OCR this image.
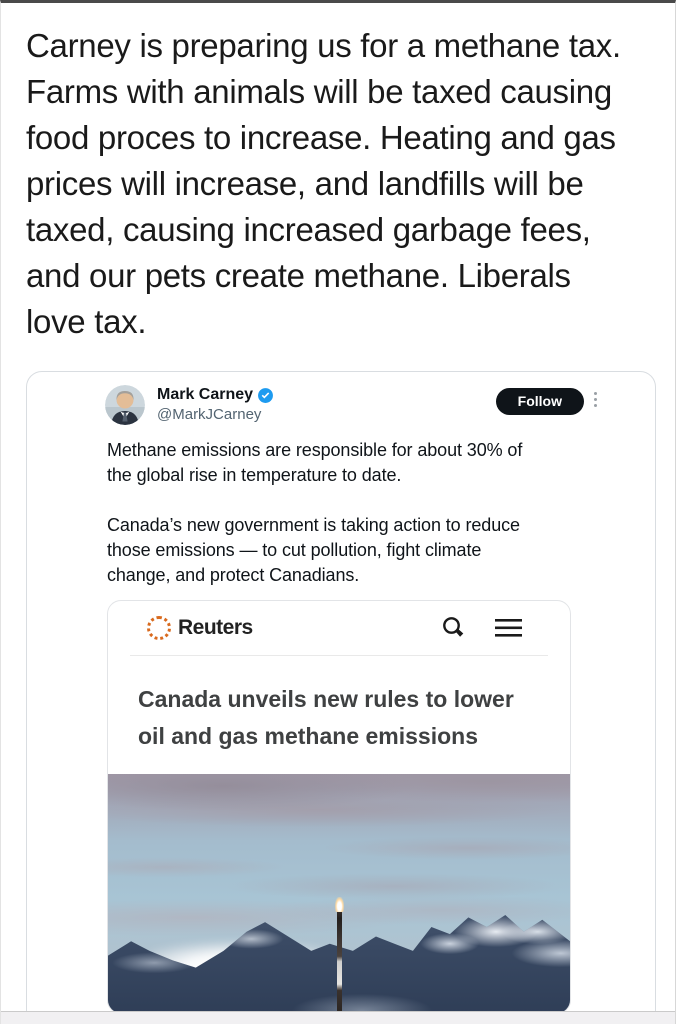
Carney is preparing us for a methane tax. Farms with animals will be taxed causing food proces to increase. Heating and gas prices will increase, and landfills will be taxed, causing increased garbage fees, and our pets create methane. Liberals love tax.
Mark Carney
@MarkJCarney
Follow

Methane emissions are responsible for about 30% of the global rise in temperature to date.

Canada’s new government is taking action to reduce those emissions — to cut pollution, fight climate change, and protect Canadians.

Reuters
Canada unveils new rules to lower oil and gas methane emissions
